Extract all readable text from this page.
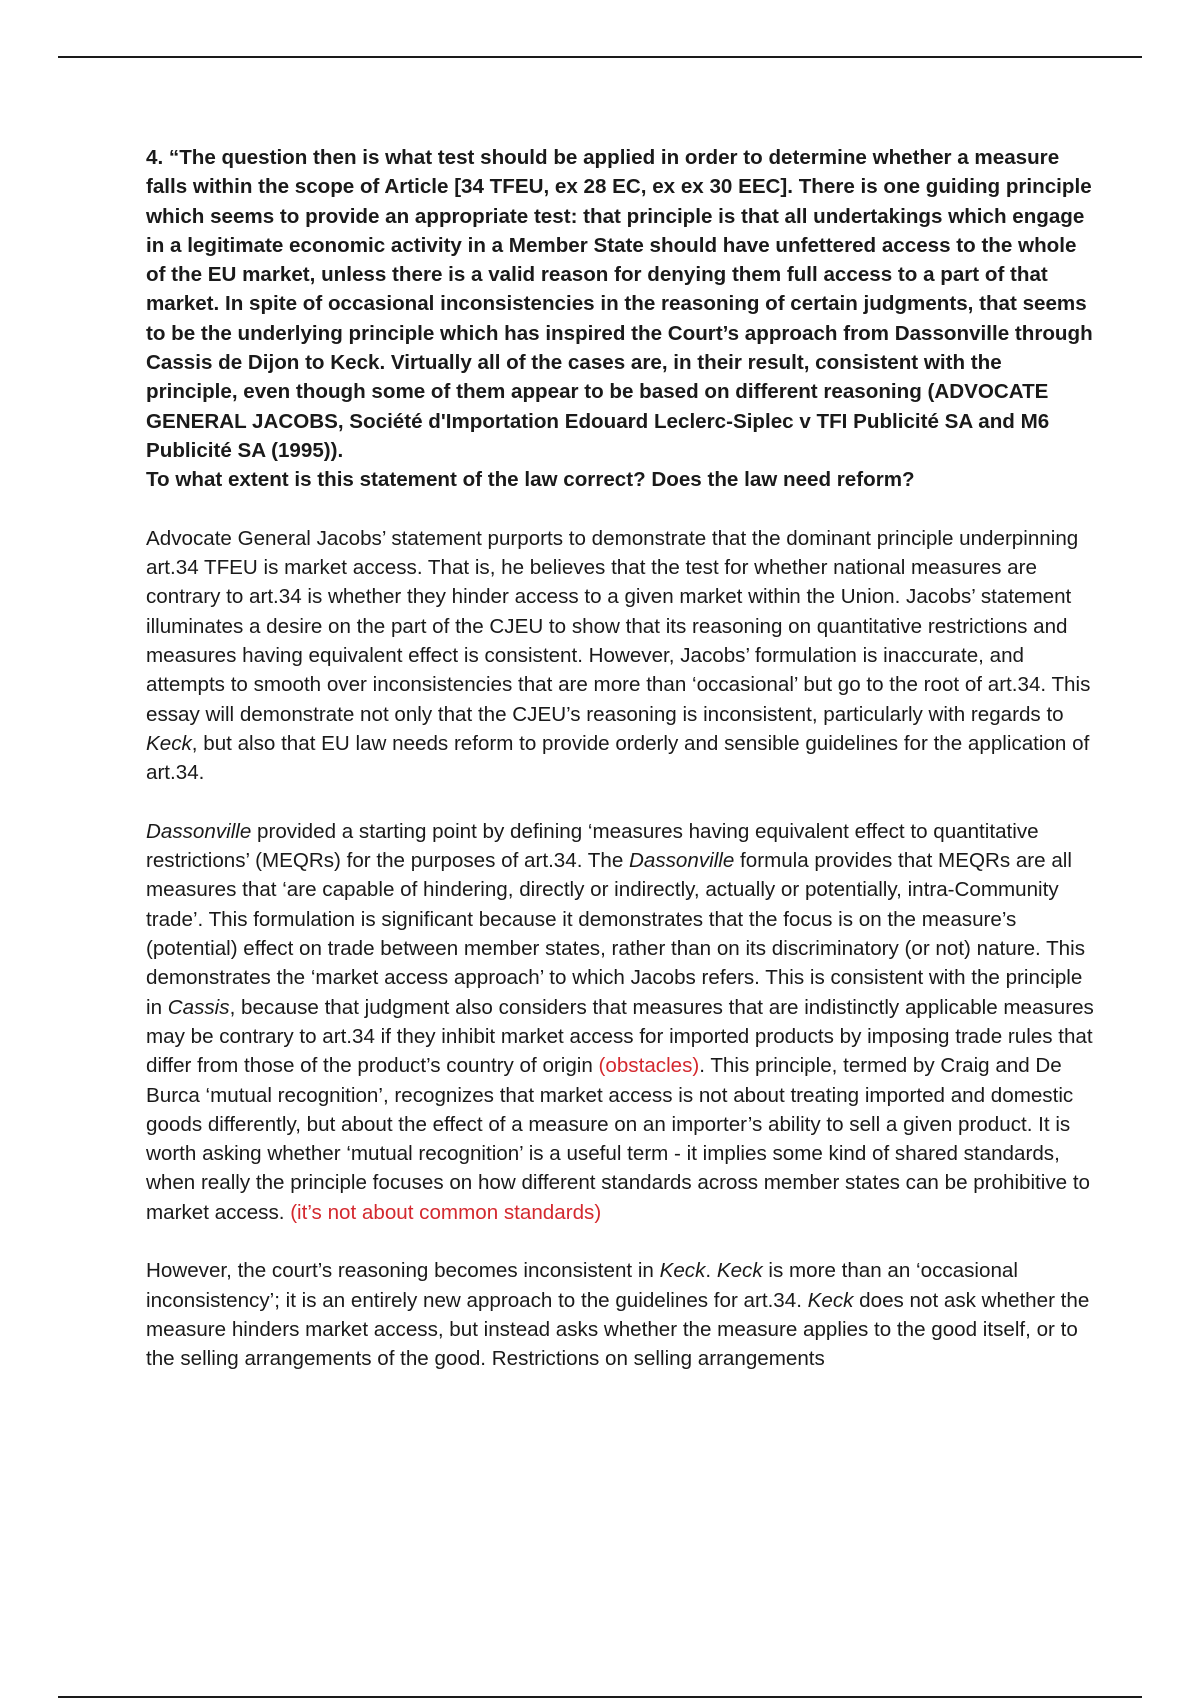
4. “The question then is what test should be applied in order to determine whether a measure falls within the scope of Article [34 TFEU, ex 28 EC, ex ex 30 EEC]. There is one guiding principle which seems to provide an appropriate test: that principle is that all undertakings which engage in a legitimate economic activity in a Member State should have unfettered access to the whole of the EU market, unless there is a valid reason for denying them full access to a part of that market. In spite of occasional inconsistencies in the reasoning of certain judgments, that seems to be the underlying principle which has inspired the Court’s approach from Dassonville through Cassis de Dijon to Keck. Virtually all of the cases are, in their result, consistent with the principle, even though some of them appear to be based on different reasoning (ADVOCATE GENERAL JACOBS, Société d'Importation Edouard Leclerc-Siplec v TFI Publicité SA and M6 Publicité SA (1995)).
To what extent is this statement of the law correct? Does the law need reform?

Advocate General Jacobs’ statement purports to demonstrate that the dominant principle underpinning art.34 TFEU is market access. That is, he believes that the test for whether national measures are contrary to art.34 is whether they hinder access to a given market within the Union. Jacobs’ statement illuminates a desire on the part of the CJEU to show that its reasoning on quantitative restrictions and measures having equivalent effect is consistent. However, Jacobs’ formulation is inaccurate, and attempts to smooth over inconsistencies that are more than ‘occasional’ but go to the root of art.34. This essay will demonstrate not only that the CJEU’s reasoning is inconsistent, particularly with regards to Keck, but also that EU law needs reform to provide orderly and sensible guidelines for the application of art.34.

Dassonville provided a starting point by defining ‘measures having equivalent effect to quantitative restrictions’ (MEQRs) for the purposes of art.34. The Dassonville formula provides that MEQRs are all measures that ‘are capable of hindering, directly or indirectly, actually or potentially, intra-Community trade’. This formulation is significant because it demonstrates that the focus is on the measure’s (potential) effect on trade between member states, rather than on its discriminatory (or not) nature. This demonstrates the ‘market access approach’ to which Jacobs refers. This is consistent with the principle in Cassis, because that judgment also considers that measures that are indistinctly applicable measures may be contrary to art.34 if they inhibit market access for imported products by imposing trade rules that differ from those of the product’s country of origin (obstacles). This principle, termed by Craig and De Burca ‘mutual recognition’, recognizes that market access is not about treating imported and domestic goods differently, but about the effect of a measure on an importer’s ability to sell a given product. It is worth asking whether ‘mutual recognition’ is a useful term - it implies some kind of shared standards, when really the principle focuses on how different standards across member states can be prohibitive to market access. (it’s not about common standards)

However, the court’s reasoning becomes inconsistent in Keck. Keck is more than an ‘occasional inconsistency’; it is an entirely new approach to the guidelines for art.34. Keck does not ask whether the measure hinders market access, but instead asks whether the measure applies to the good itself, or to the selling arrangements of the good. Restrictions on selling arrangements
